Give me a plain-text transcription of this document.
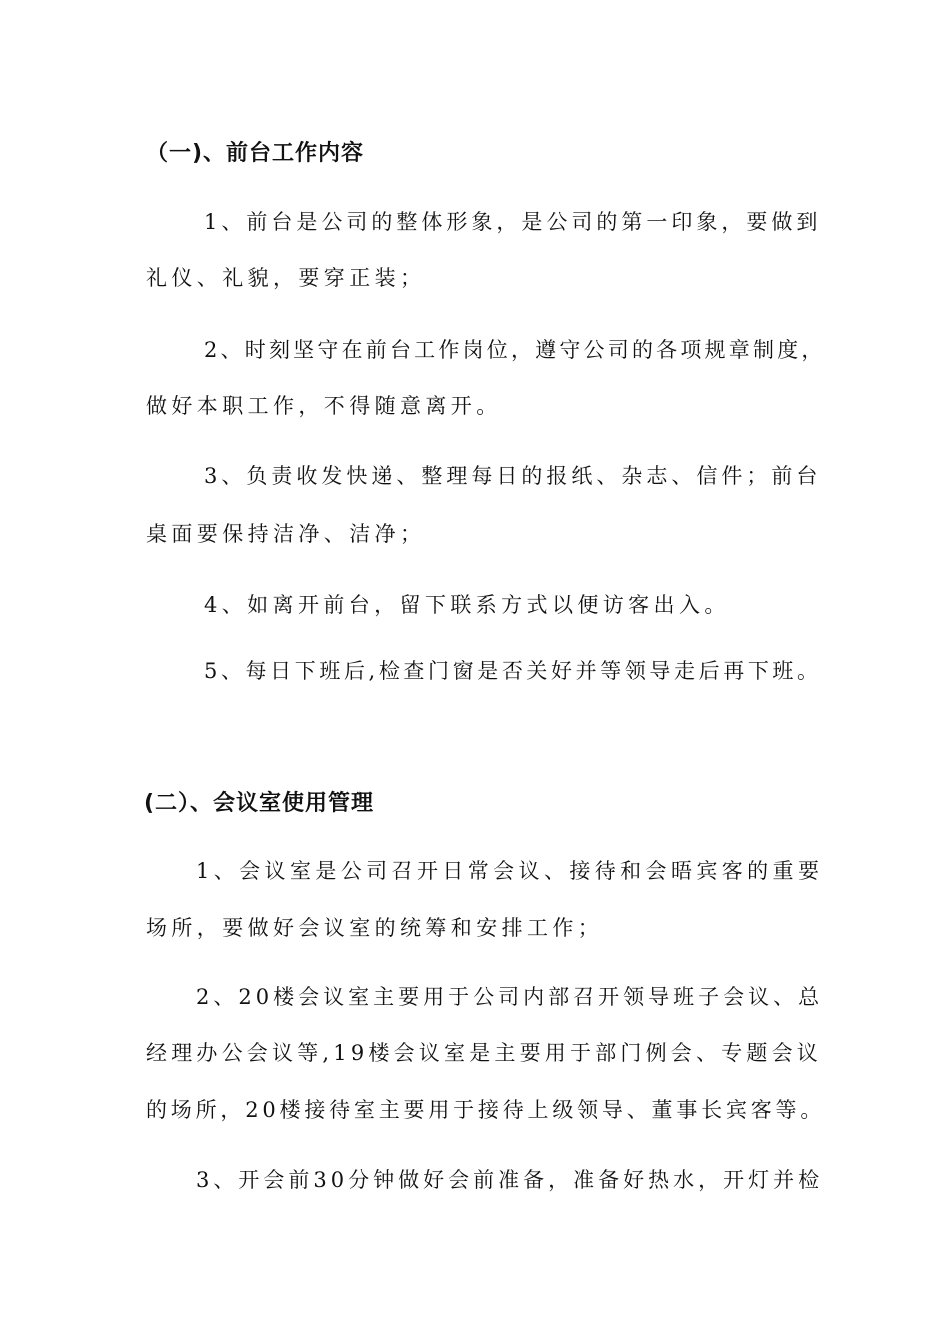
（一)、前台工作内容
1、前台是公司的整体形象，是公司的第一印象，要做到
礼仪、礼貌，要穿正装；
2、时刻坚守在前台工作岗位，遵守公司的各项规章制度，
做好本职工作，不得随意离开。
3、负责收发快递、整理每日的报纸、杂志、信件；前台
桌面要保持洁净、洁净；
4、如离开前台，留下联系方式以便访客出入。
5、每日下班后,检查门窗是否关好并等领导走后再下班。
(二）、会议室使用管理
1、会议室是公司召开日常会议、接待和会晤宾客的重要
场所，要做好会议室的统筹和安排工作；
2、20楼会议室主要用于公司内部召开领导班子会议、总
经理办公会议等,19楼会议室是主要用于部门例会、专题会议
的场所，20楼接待室主要用于接待上级领导、董事长宾客等。
3、开会前30分钟做好会前准备，准备好热水，开灯并检
